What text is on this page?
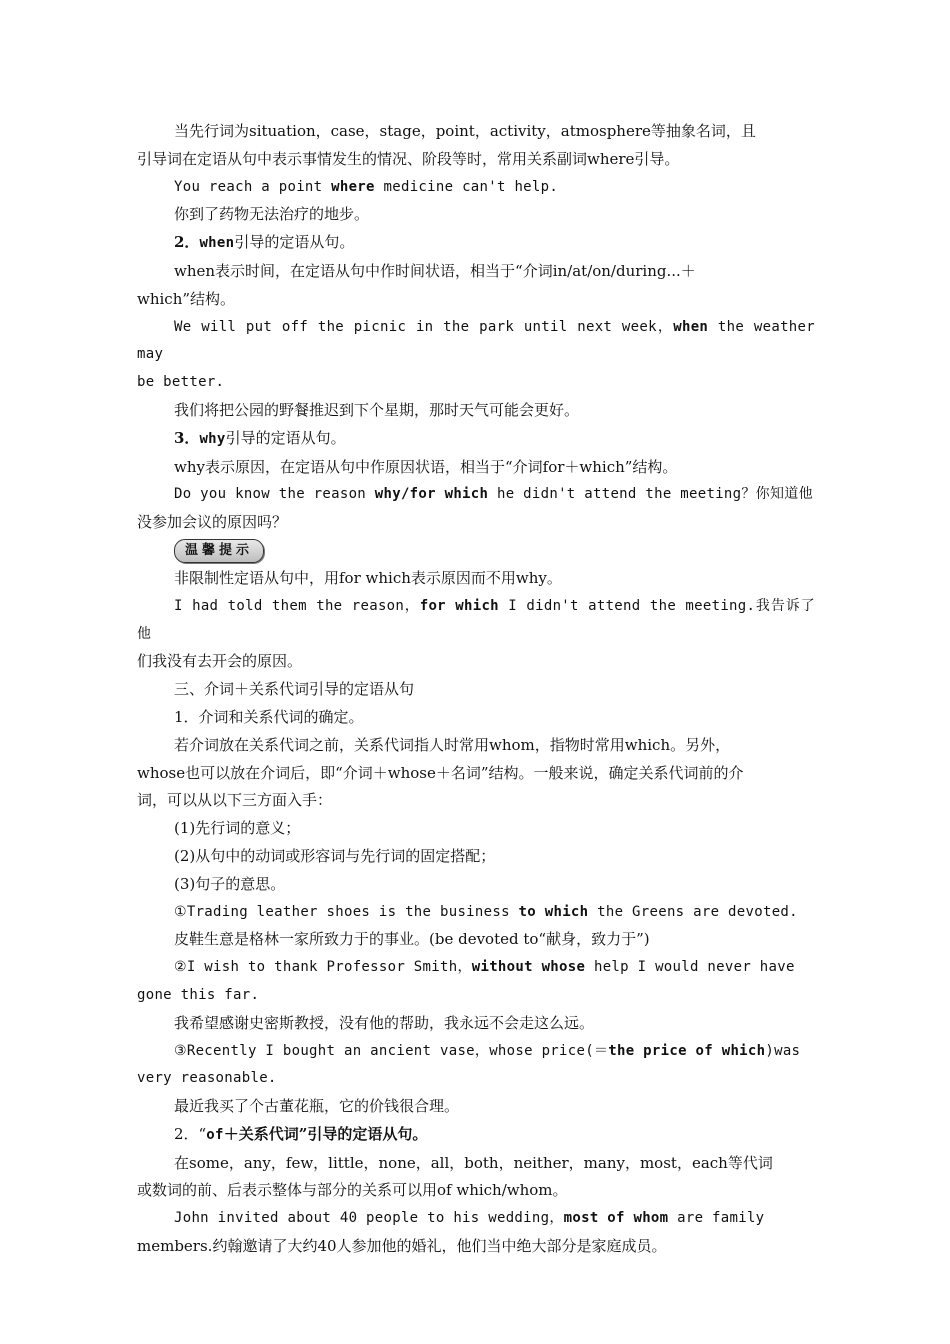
当先行词为situation，case，stage，point，activity，atmosphere等抽象名词，且

引导词在定语从句中表示事情发生的情况、阶段等时，常用关系副词where引导。

You reach a point where medicine can't help.

你到了药物无法治疗的地步。

2．when引导的定语从句。

when表示时间，在定语从句中作时间状语，相当于“介词in/at/on/during...＋

which”结构。

We will put off the picnic in the park until next week，when the weather may

be better.

我们将把公园的野餐推迟到下个星期，那时天气可能会更好。

3．why引导的定语从句。

why表示原因，在定语从句中作原因状语，相当于“介词for＋which”结构。

Do you know the reason why/for which he didn't attend the meeting？你知道他

没参加会议的原因吗？

温馨提示

非限制性定语从句中，用for which表示原因而不用why。

I had told them the reason，for which I didn't attend the meeting.我告诉了他

们我没有去开会的原因。

三、介词＋关系代词引导的定语从句

1．介词和关系代词的确定。

若介词放在关系代词之前，关系代词指人时常用whom，指物时常用which。另外，

whose也可以放在介词后，即“介词＋whose＋名词”结构。一般来说，确定关系代词前的介

词，可以从以下三方面入手：

(1)先行词的意义；

(2)从句中的动词或形容词与先行词的固定搭配；

(3)句子的意思。

①Trading leather shoes is the business to which the Greens are devoted.

皮鞋生意是格林一家所致力于的事业。(be devoted to“献身，致力于”)

②I wish to thank Professor Smith，without whose help I would never have

gone this far.

我希望感谢史密斯教授，没有他的帮助，我永远不会走这么远。

③Recently I bought an ancient vase，whose price(＝the price of which)was

very reasonable.

最近我买了个古董花瓶，它的价钱很合理。

2．“of＋关系代词”引导的定语从句。

在some，any，few，little，none，all，both，neither，many，most，each等代词

或数词的前、后表示整体与部分的关系可以用of which/whom。

John invited about 40 people to his wedding，most of whom are family

members.约翰邀请了大约40人参加他的婚礼，他们当中绝大部分是家庭成员。
